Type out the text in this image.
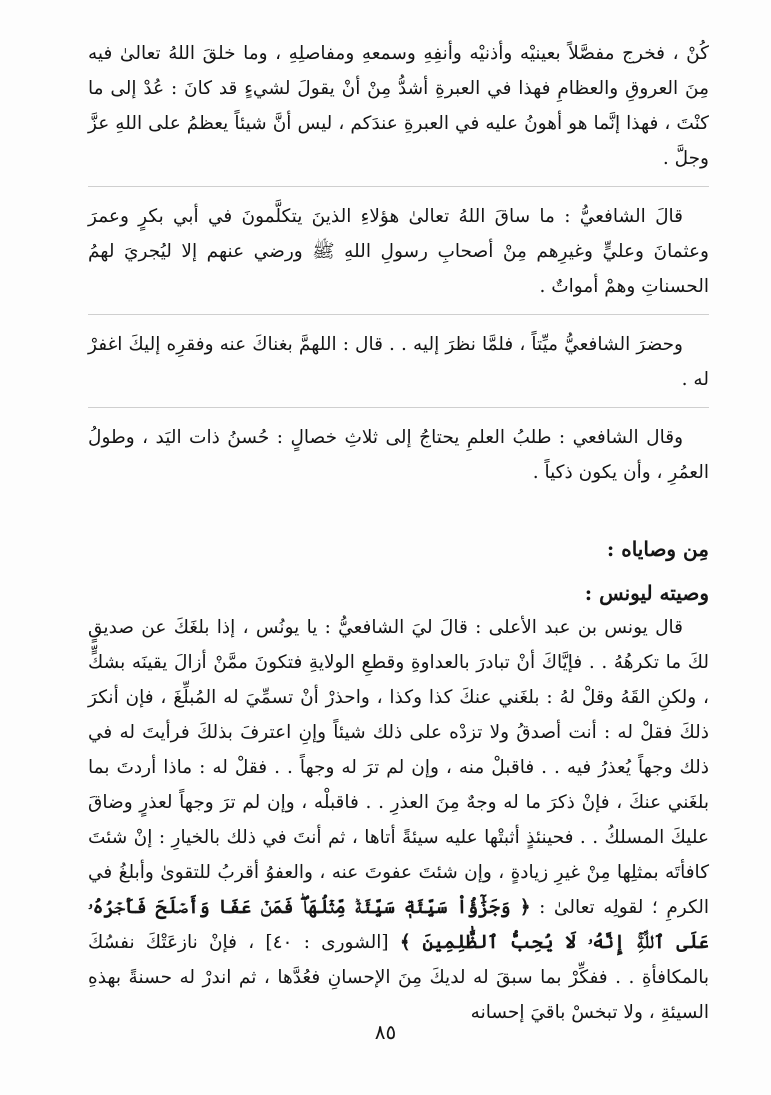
كُنْ ، فخرج مفصَّلاً بعينيْه وأذنيْه وأنفِهِ وسمعهِ ومفاصلِهِ ، وما خلقَ اللهُ تعالىٰ فيه مِنَ العروقِ والعظامِ فهذا في العبرةِ أشدُّ مِنْ أنْ يقولَ لشيءٍ قد كانَ : عُدْ إلى ما كنْتَ ، فهذا إنَّما هو أهونُ عليه في العبرةِ عندَكم ، ليس أنَّ شيئاً يعظمُ على اللهِ عزَّ وجلَّ .

قالَ الشافعيُّ : ما ساقَ اللهُ تعالىٰ هؤلاءِ الذينَ يتكلَّمونَ في أبي بكرٍ وعمرَ وعثمانَ وعليٍّ وغيرِهم مِنْ أصحابِ رسولِ اللهِ ﷺ ورضي عنهم إلا ليُجريَ لهمُ الحسناتِ وهمْ أمواتٌ .

وحضرَ الشافعيُّ ميِّتاً ، فلمَّا نظرَ إليه . . قال : اللهمَّ بغناكَ عنه وفقرِه إليكَ اغفرْ له .

وقال الشافعي : طلبُ العلمِ يحتاجُ إلى ثلاثِ خصالٍ : حُسنُ ذات اليَد ، وطولُ العمُرِ ، وأن يكون ذكياً .

مِن وصاياه :
وصيته ليونس :

قال يونس بن عبد الأعلى : قالَ ليَ الشافعيُّ : يا يونُس ، إذا بلغَكَ عن صديقٍ لكَ ما تكرهُهُ . . فإيَّاكَ أنْ تبادرَ بالعداوةِ وقطعِ الولايةِ فتكونَ ممَّنْ أزالَ يقينَه بشكٍّ ، ولكنِ القَهُ وقلْ لهُ : بلغَني عنكَ كذا وكذا ، واحذرْ أنْ تسمِّيَ له المُبلِّغَ ، فإن أنكرَ ذلكَ فقلْ له : أنت أصدقُ ولا تزدْه على ذلك شيئاً وإنِ اعترفَ بذلكَ فرأيتَ له في ذلك وجهاً يُعذرُ فيه . . فاقبلْ منه ، وإن لم ترَ له وجهاً . . فقلْ له : ماذا أردتَ بما بلغَني عنكَ ، فإنْ ذكرَ ما له وجهٌ مِنَ العذرِ . . فاقبلْه ، وإن لم ترَ وجهاً لعذرٍ وضاقَ عليكَ المسلكُ . . فحينئذٍ أثبتْها عليه سيئةً أتاها ، ثم أنتَ في ذلك بالخيارِ : إنْ شئتَ كافأتَه بمثلِها مِنْ غيرِ زيادةٍ ، وإن شئتَ عفوتَ عنه ، والعفوُ أقربُ للتقوىٰ وأبلغُ في الكرمِ ؛ لقولِه تعالىٰ : ﴿ وَجَزَٰٓؤُاْ سَيِّئَةٖ سَيِّئَةٞ مِّثۡلُهَاۖ فَمَنۡ عَفَا وَأَصۡلَحَ فَأَجۡرُهُۥ عَلَى ٱللَّهِۚ إِنَّهُۥ لَا يُحِبُّ ٱلظَّٰلِمِينَ ﴾ [الشورى : ٤٠] ، فإنْ نازعَتْكَ نفسُكَ بالمكافأةِ . . ففكِّرْ بما سبقَ له لديكَ مِنَ الإحسانِ فعُدَّها ، ثم اندرْ له حسنةً بهذهِ السيئةِ ، ولا تبخسْ باقيَ إحسانه

٨٥
